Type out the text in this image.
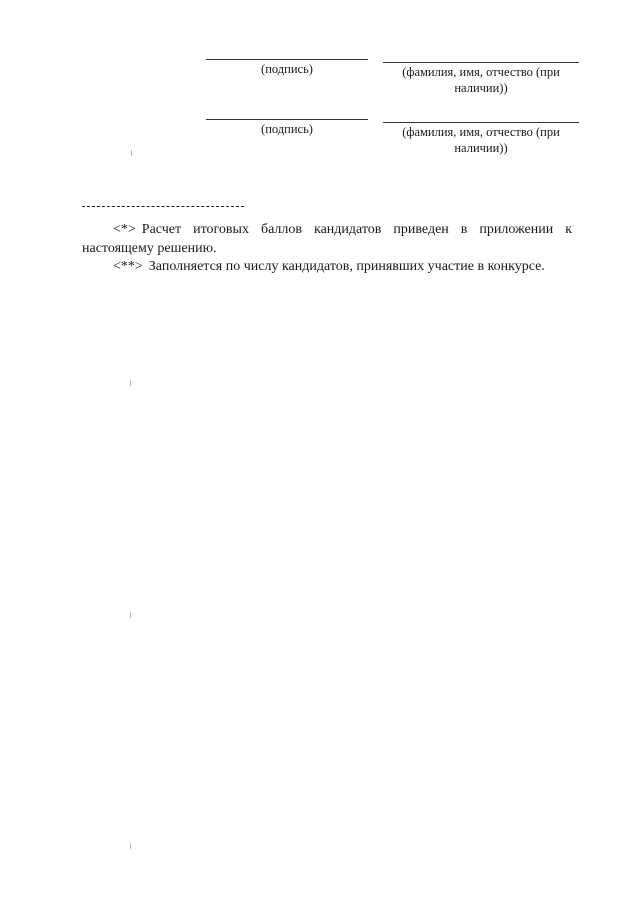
(подпись)	(фамилия, имя, отчество (при
наличии))
(подпись)	(фамилия, имя, отчество (при
наличии))
<*> Расчет итоговых баллов кандидатов приведен в приложении к настоящему решению.
<**> Заполняется по числу кандидатов, принявших участие в конкурсе.
